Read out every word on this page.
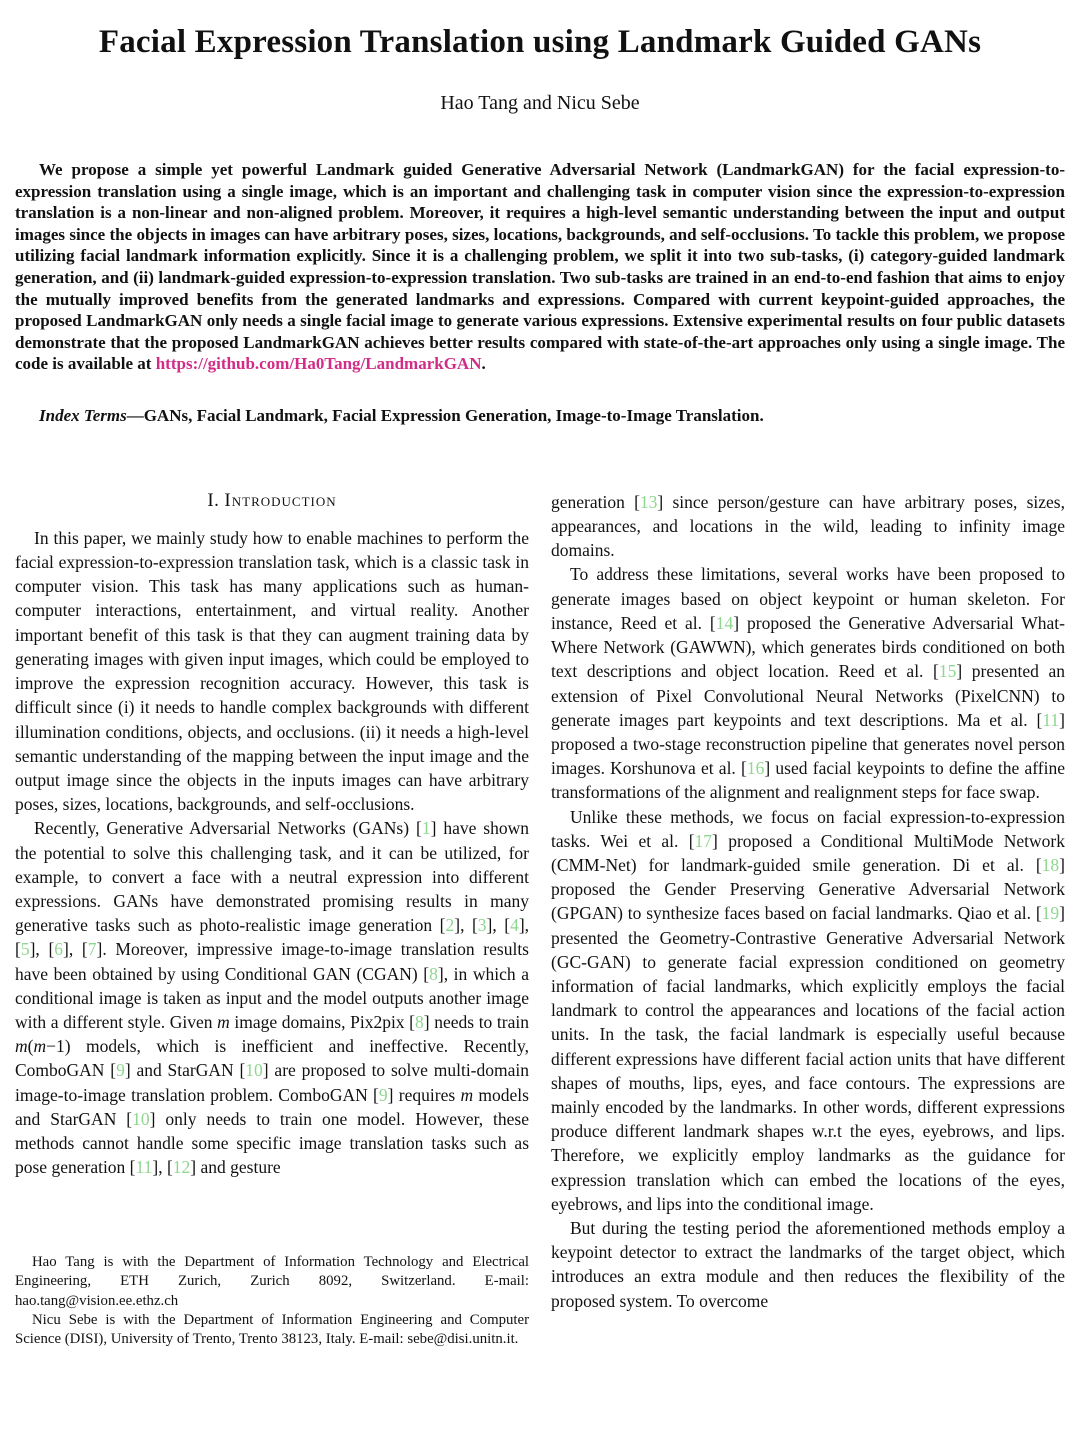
Facial Expression Translation using Landmark Guided GANs
Hao Tang and Nicu Sebe

We propose a simple yet powerful Landmark guided Generative Adversarial Network (LandmarkGAN) for the facial expression-to-expression translation using a single image, which is an important and challenging task in computer vision since the expression-to-expression translation is a non-linear and non-aligned problem. Moreover, it requires a high-level semantic understanding between the input and output images since the objects in images can have arbitrary poses, sizes, locations, backgrounds, and self-occlusions. To tackle this problem, we propose utilizing facial landmark information explicitly. Since it is a challenging problem, we split it into two sub-tasks, (i) category-guided landmark generation, and (ii) landmark-guided expression-to-expression translation. Two sub-tasks are trained in an end-to-end fashion that aims to enjoy the mutually improved benefits from the generated landmarks and expressions. Compared with current keypoint-guided approaches, the proposed LandmarkGAN only needs a single facial image to generate various expressions. Extensive experimental results on four public datasets demonstrate that the proposed LandmarkGAN achieves better results compared with state-of-the-art approaches only using a single image. The code is available at https://github.com/Ha0Tang/LandmarkGAN.

Index Terms—GANs, Facial Landmark, Facial Expression Generation, Image-to-Image Translation.

I. Introduction

In this paper, we mainly study how to enable machines to perform the facial expression-to-expression translation task, which is a classic task in computer vision. This task has many applications such as human-computer interactions, entertainment, and virtual reality. Another important benefit of this task is that they can augment training data by generating images with given input images, which could be employed to improve the expression recognition accuracy. However, this task is difficult since (i) it needs to handle complex backgrounds with different illumination conditions, objects, and occlusions. (ii) it needs a high-level semantic understanding of the mapping between the input image and the output image since the objects in the inputs images can have arbitrary poses, sizes, locations, backgrounds, and self-occlusions.

Recently, Generative Adversarial Networks (GANs) [1] have shown the potential to solve this challenging task, and it can be utilized, for example, to convert a face with a neutral expression into different expressions. GANs have demonstrated promising results in many generative tasks such as photo-realistic image generation [2], [3], [4], [5], [6], [7]. Moreover, impressive image-to-image translation results have been obtained by using Conditional GAN (CGAN) [8], in which a conditional image is taken as input and the model outputs another image with a different style. Given m image domains, Pix2pix [8] needs to train m(m−1) models, which is inefficient and ineffective. Recently, ComboGAN [9] and StarGAN [10] are proposed to solve multi-domain image-to-image translation problem. ComboGAN [9] requires m models and StarGAN [10] only needs to train one model. However, these methods cannot handle some specific image translation tasks such as pose generation [11], [12] and gesture

Hao Tang is with the Department of Information Technology and Electrical Engineering, ETH Zurich, Zurich 8092, Switzerland. E-mail: hao.tang@vision.ee.ethz.ch

Nicu Sebe is with the Department of Information Engineering and Computer Science (DISI), University of Trento, Trento 38123, Italy. E-mail: sebe@disi.unitn.it.

generation [13] since person/gesture can have arbitrary poses, sizes, appearances, and locations in the wild, leading to infinity image domains.

To address these limitations, several works have been proposed to generate images based on object keypoint or human skeleton. For instance, Reed et al. [14] proposed the Generative Adversarial What-Where Network (GAWWN), which generates birds conditioned on both text descriptions and object location. Reed et al. [15] presented an extension of Pixel Convolutional Neural Networks (PixelCNN) to generate images part keypoints and text descriptions. Ma et al. [11] proposed a two-stage reconstruction pipeline that generates novel person images. Korshunova et al. [16] used facial keypoints to define the affine transformations of the alignment and realignment steps for face swap.

Unlike these methods, we focus on facial expression-to-expression tasks. Wei et al. [17] proposed a Conditional MultiMode Network (CMM-Net) for landmark-guided smile generation. Di et al. [18] proposed the Gender Preserving Generative Adversarial Network (GPGAN) to synthesize faces based on facial landmarks. Qiao et al. [19] presented the Geometry-Contrastive Generative Adversarial Network (GC-GAN) to generate facial expression conditioned on geometry information of facial landmarks, which explicitly employs the facial landmark to control the appearances and locations of the facial action units. In the task, the facial landmark is especially useful because different expressions have different facial action units that have different shapes of mouths, lips, eyes, and face contours. The expressions are mainly encoded by the landmarks. In other words, different expressions produce different landmark shapes w.r.t the eyes, eyebrows, and lips. Therefore, we explicitly employ landmarks as the guidance for expression translation which can embed the locations of the eyes, eyebrows, and lips into the conditional image.

But during the testing period the aforementioned methods employ a keypoint detector to extract the landmarks of the target object, which introduces an extra module and then reduces the flexibility of the proposed system. To overcome
